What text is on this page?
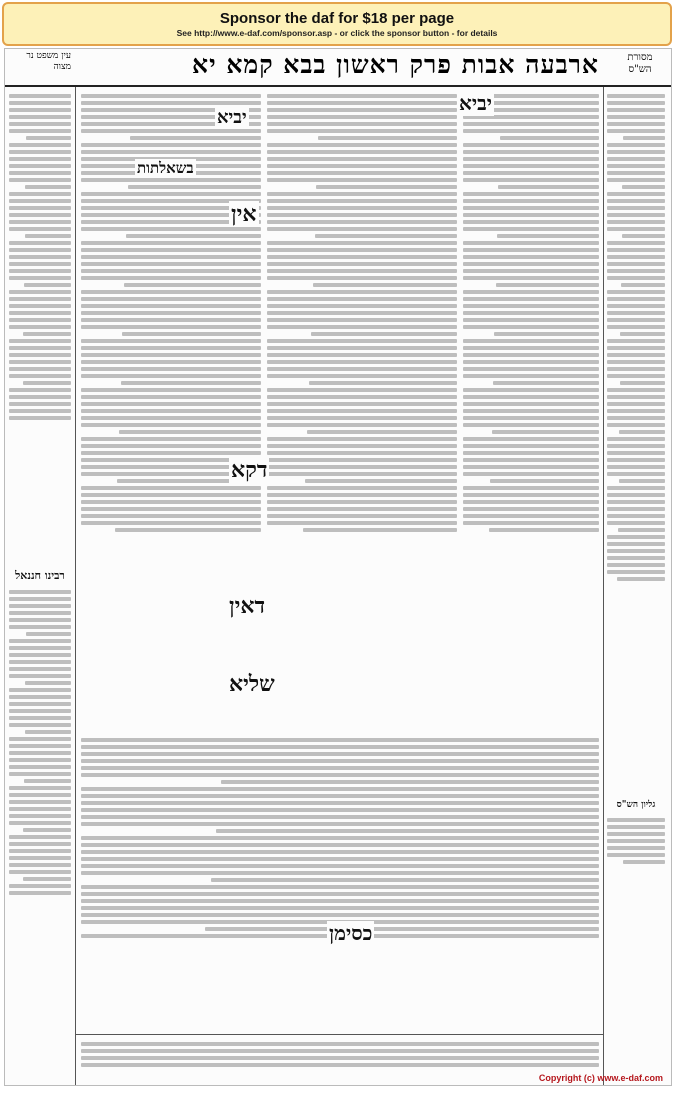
Sponsor the daf for $18 per page
See http://www.e-daf.com/sponsor.asp - or click the sponsor button - for details
עין משפט נר מצוה	ארבעה אבות פרק ראשון בבא קמא יא	מסורת הש"ס
רבינו חננאל
גליון הש"ס
יביא
יביא
בשאלתות
אין
דקא
דאין
שליא
כסימן
Copyright (c) www.e-daf.com
